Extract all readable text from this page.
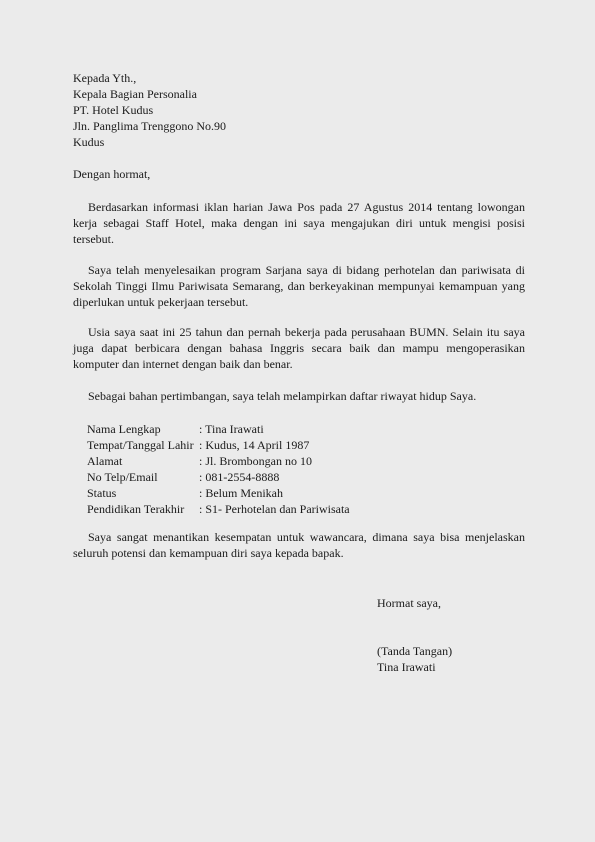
Kepada Yth.,
Kepala Bagian Personalia
PT. Hotel Kudus
Jln. Panglima Trenggono No.90
Kudus
Dengan hormat,
Berdasarkan informasi iklan harian Jawa Pos pada 27 Agustus 2014 tentang lowongan kerja sebagai Staff Hotel, maka dengan ini saya mengajukan diri untuk mengisi posisi tersebut.
Saya telah menyelesaikan program Sarjana saya di bidang perhotelan dan pariwisata di Sekolah Tinggi Ilmu Pariwisata Semarang, dan berkeyakinan mempunyai kemampuan yang diperlukan untuk pekerjaan tersebut.
Usia saya saat ini 25 tahun dan pernah bekerja pada perusahaan BUMN. Selain itu saya juga dapat berbicara dengan bahasa Inggris secara baik dan mampu mengoperasikan komputer dan internet dengan baik dan benar.
Sebagai bahan pertimbangan, saya telah melampirkan daftar riwayat hidup Saya.
Nama Lengkap	: Tina Irawati
Tempat/Tanggal Lahir : Kudus, 14 April 1987
Alamat	: Jl. Brombongan no 10
No Telp/Email	: 081-2554-8888
Status	: Belum Menikah
Pendidikan Terakhir	: S1- Perhotelan dan Pariwisata
Saya sangat menantikan kesempatan untuk wawancara, dimana saya bisa menjelaskan seluruh potensi dan kemampuan diri saya kepada bapak.
Hormat saya,
(Tanda Tangan)
Tina Irawati
